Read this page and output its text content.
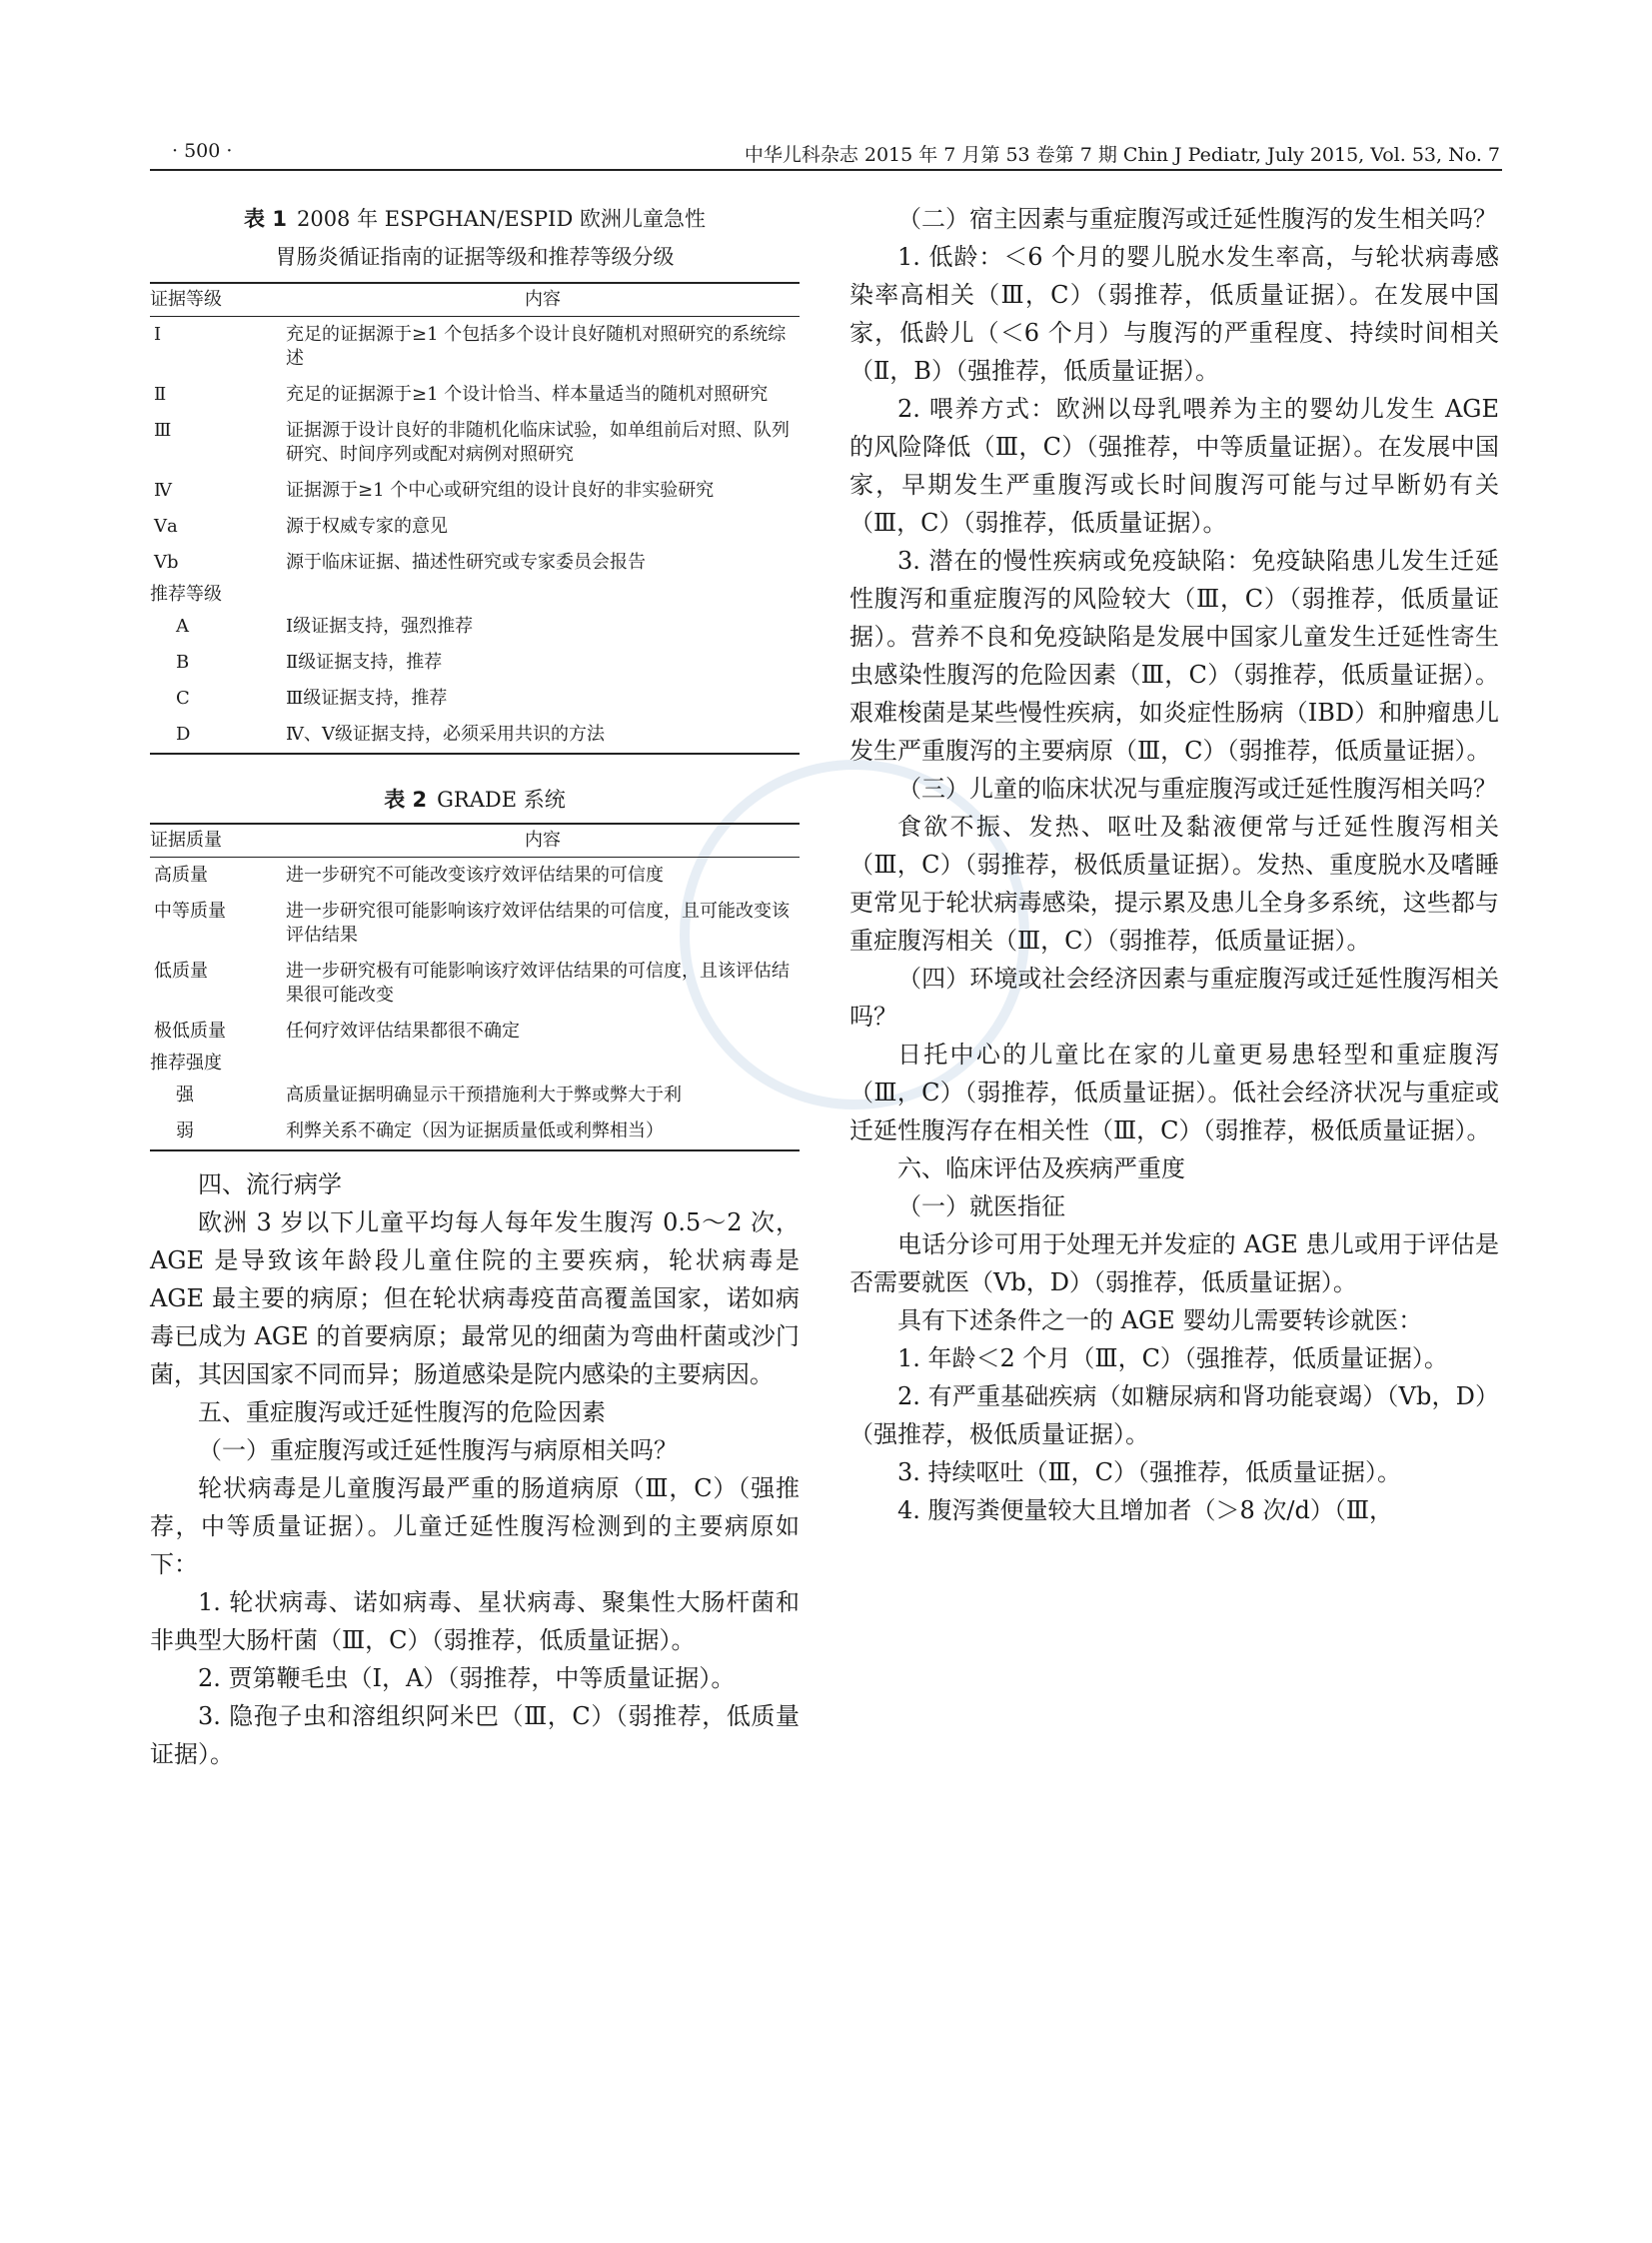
· 500 ·	中华儿科杂志 2015 年 7 月第 53 卷第 7 期 Chin J Pediatr, July 2015, Vol. 53, No. 7

表 1 2008 年 ESPGHAN/ESPID 欧洲儿童急性

胃肠炎循证指南的证据等级和推荐等级分级

证据等级	内容
Ⅰ	充足的证据源于≥1 个包括多个设计良好随机对照研究的系统综述
Ⅱ	充足的证据源于≥1 个设计恰当、样本量适当的随机对照研究
Ⅲ	证据源于设计良好的非随机化临床试验，如单组前后对照、队列研究、时间序列或配对病例对照研究
Ⅳ	证据源于≥1 个中心或研究组的设计良好的非实验研究
Ⅴa	源于权威专家的意见
Ⅴb	源于临床证据、描述性研究或专家委员会报告
推荐等级	
A	Ⅰ级证据支持，强烈推荐
B	Ⅱ级证据支持，推荐
C	Ⅲ级证据支持，推荐
D	Ⅳ、Ⅴ级证据支持，必须采用共识的方法

表 2 GRADE 系统

证据质量	内容
高质量	进一步研究不可能改变该疗效评估结果的可信度
中等质量	进一步研究很可能影响该疗效评估结果的可信度，且可能改变该评估结果
低质量	进一步研究极有可能影响该疗效评估结果的可信度，且该评估结果很可能改变
极低质量	任何疗效评估结果都很不确定
推荐强度	
强	高质量证据明确显示干预措施利大于弊或弊大于利
弱	利弊关系不确定（因为证据质量低或利弊相当）

四、流行病学

欧洲 3 岁以下儿童平均每人每年发生腹泻 0.5～2 次，AGE 是导致该年龄段儿童住院的主要疾病，轮状病毒是 AGE 最主要的病原；但在轮状病毒疫苗高覆盖国家，诺如病毒已成为 AGE 的首要病原；最常见的细菌为弯曲杆菌或沙门菌，其因国家不同而异；肠道感染是院内感染的主要病因。

五、重症腹泻或迁延性腹泻的危险因素

（一）重症腹泻或迁延性腹泻与病原相关吗？

轮状病毒是儿童腹泻最严重的肠道病原（Ⅲ，C）（强推荐，中等质量证据）。儿童迁延性腹泻检测到的主要病原如下：

1. 轮状病毒、诺如病毒、星状病毒、聚集性大肠杆菌和非典型大肠杆菌（Ⅲ，C）（弱推荐，低质量证据）。

2. 贾第鞭毛虫（Ⅰ，A）（弱推荐，中等质量证据）。

3. 隐孢子虫和溶组织阿米巴（Ⅲ，C）（弱推荐，低质量证据）。

（二）宿主因素与重症腹泻或迁延性腹泻的发生相关吗？

1. 低龄：＜6 个月的婴儿脱水发生率高，与轮状病毒感染率高相关（Ⅲ，C）（弱推荐，低质量证据）。在发展中国家，低龄儿（＜6 个月）与腹泻的严重程度、持续时间相关（Ⅱ，B）（强推荐，低质量证据）。

2. 喂养方式：欧洲以母乳喂养为主的婴幼儿发生 AGE 的风险降低（Ⅲ，C）（强推荐，中等质量证据）。在发展中国家，早期发生严重腹泻或长时间腹泻可能与过早断奶有关（Ⅲ，C）（弱推荐，低质量证据）。

3. 潜在的慢性疾病或免疫缺陷：免疫缺陷患儿发生迁延性腹泻和重症腹泻的风险较大（Ⅲ，C）（弱推荐，低质量证据）。营养不良和免疫缺陷是发展中国家儿童发生迁延性寄生虫感染性腹泻的危险因素（Ⅲ，C）（弱推荐，低质量证据）。艰难梭菌是某些慢性疾病，如炎症性肠病（IBD）和肿瘤患儿发生严重腹泻的主要病原（Ⅲ，C）（弱推荐，低质量证据）。

（三）儿童的临床状况与重症腹泻或迁延性腹泻相关吗？

食欲不振、发热、呕吐及黏液便常与迁延性腹泻相关（Ⅲ，C）（弱推荐，极低质量证据）。发热、重度脱水及嗜睡更常见于轮状病毒感染，提示累及患儿全身多系统，这些都与重症腹泻相关（Ⅲ，C）（弱推荐，低质量证据）。

（四）环境或社会经济因素与重症腹泻或迁延性腹泻相关吗？

日托中心的儿童比在家的儿童更易患轻型和重症腹泻（Ⅲ，C）（弱推荐，低质量证据）。低社会经济状况与重症或迁延性腹泻存在相关性（Ⅲ，C）（弱推荐，极低质量证据）。

六、临床评估及疾病严重度

（一）就医指征

电话分诊可用于处理无并发症的 AGE 患儿或用于评估是否需要就医（Ⅴb，D）（弱推荐，低质量证据）。

具有下述条件之一的 AGE 婴幼儿需要转诊就医：

1. 年龄＜2 个月（Ⅲ，C）（强推荐，低质量证据）。

2. 有严重基础疾病（如糖尿病和肾功能衰竭）（Ⅴb，D）（强推荐，极低质量证据）。

3. 持续呕吐（Ⅲ，C）（强推荐，低质量证据）。

4. 腹泻粪便量较大且增加者（＞8 次/d）（Ⅲ，
